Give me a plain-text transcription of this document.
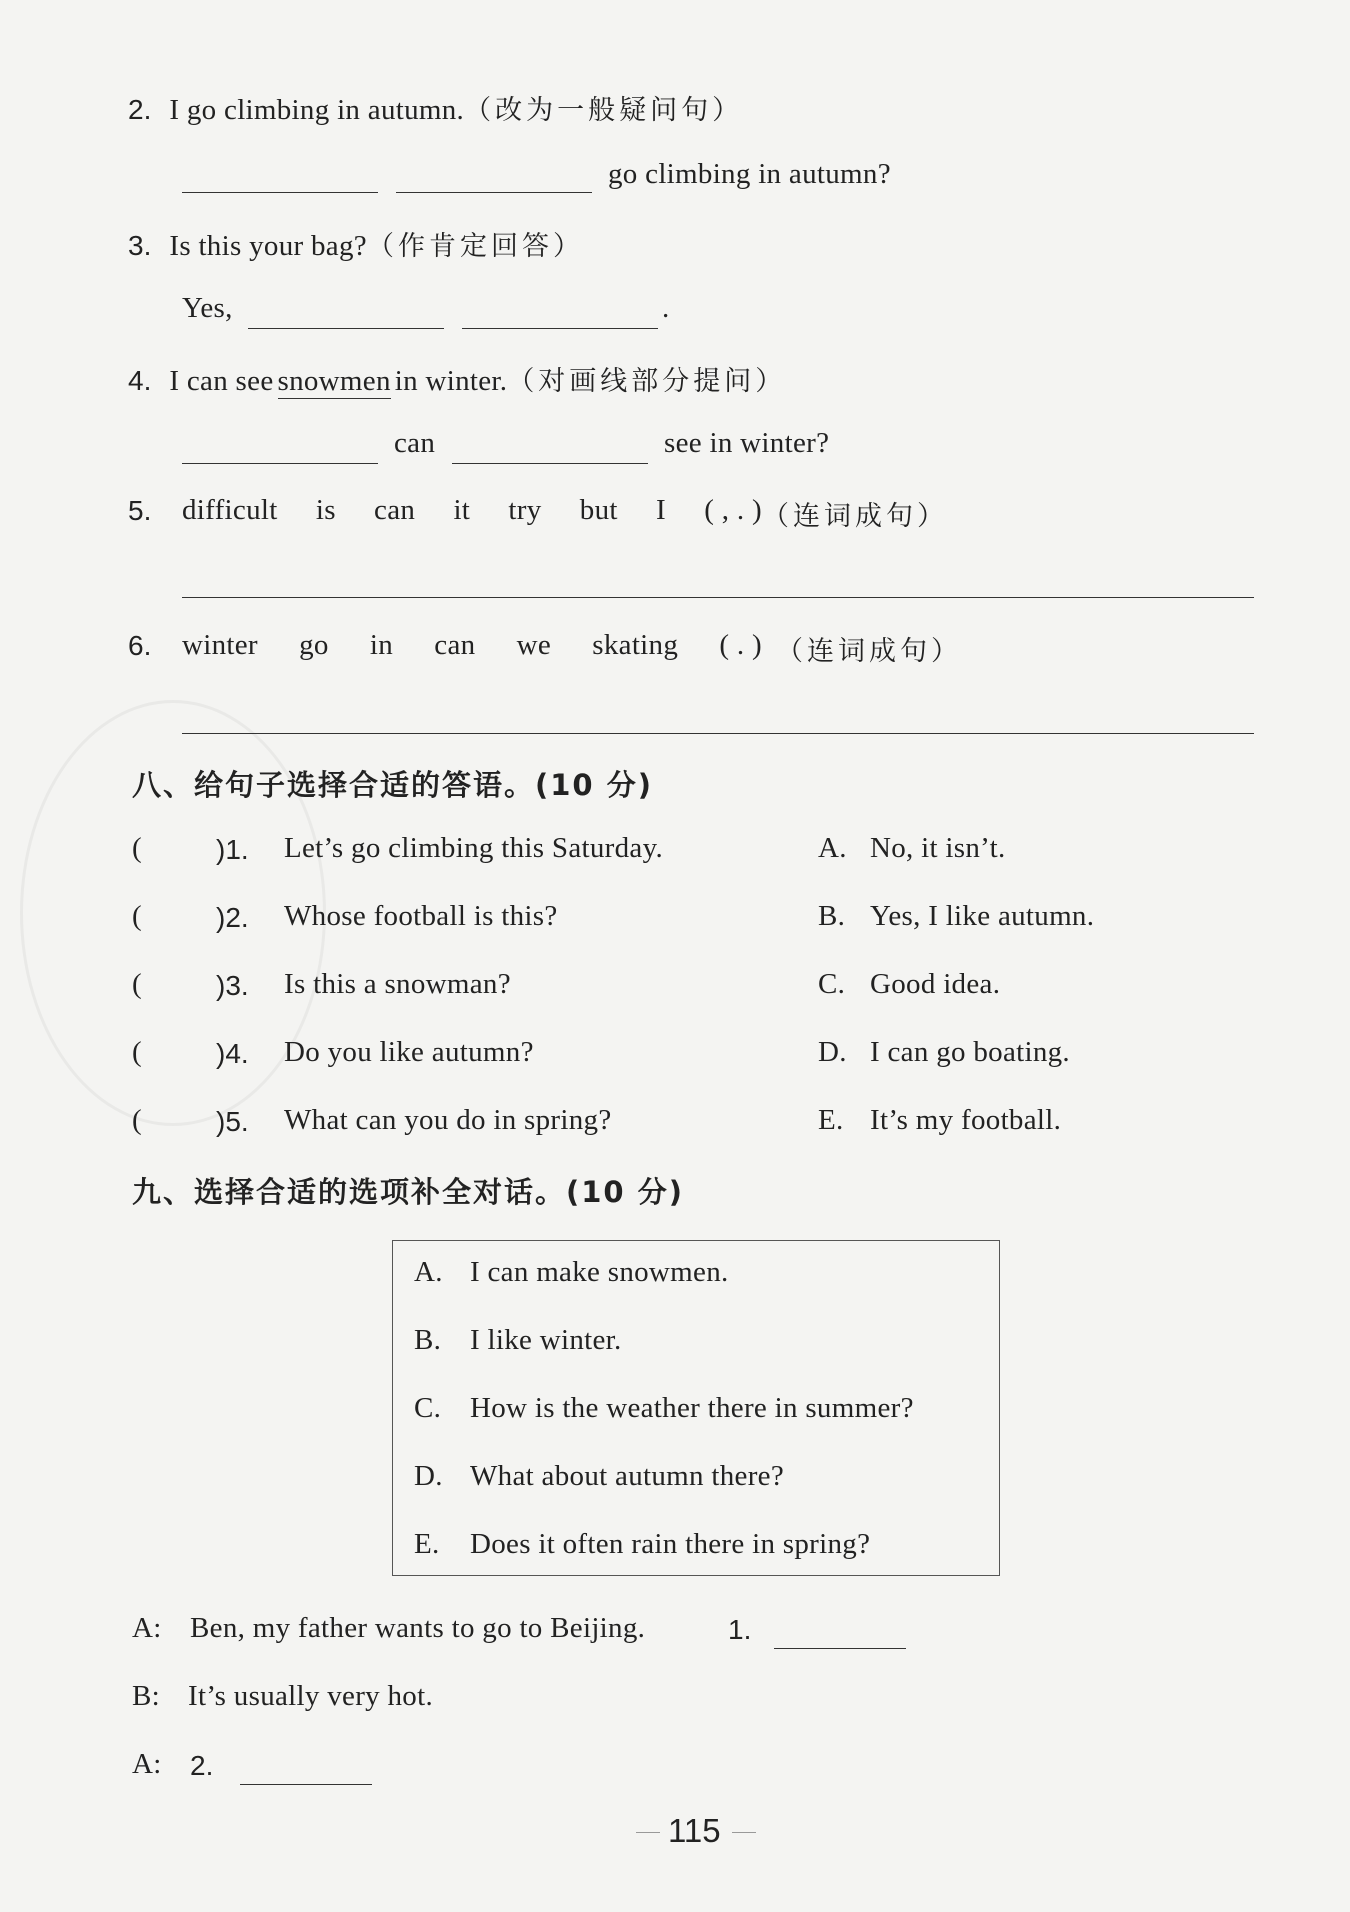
2. I go climbing in autumn.（改为一般疑问句）
go climbing in autumn?
3. Is this your bag?（作肯定回答）
Yes,	.
4. I can see snowmen in winter.（对画线部分提问）
can	see in winter?
5. difficult is can it try but I ( , . ) （连词成句）
6. winter go in can we skating ( . ) （连词成句）
八、给句子选择合适的答语。(10 分)
(	)1. Let’s go climbing this Saturday.	A. No, it isn’t.
(	)2. Whose football is this?	B. Yes, I like autumn.
(	)3. Is this a snowman?	C. Good idea.
(	)4. Do you like autumn?	D. I can go boating.
(	)5. What can you do in spring?	E. It’s my football.
九、选择合适的选项补全对话。(10 分)
A. I can make snowmen.
B. I like winter.
C. How is the weather there in summer?
D. What about autumn there?
E. Does it often rain there in spring?
A: Ben, my father wants to go to Beijing.	1.
B: It’s usually very hot.
A: 2.
115
